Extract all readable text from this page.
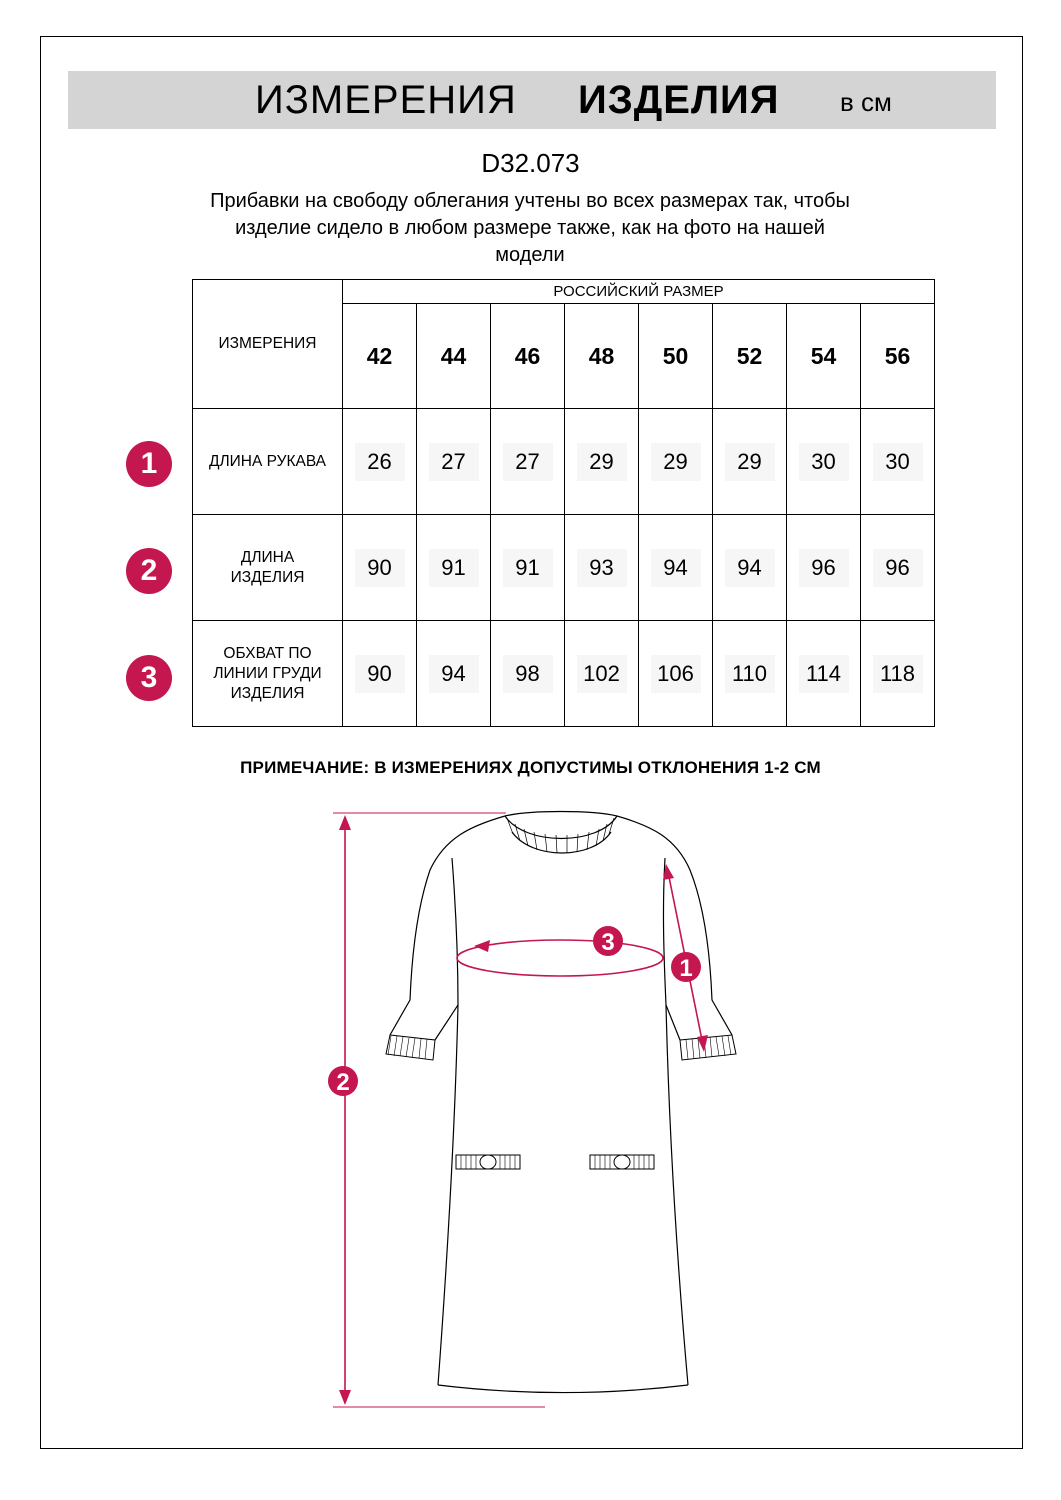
ИЗМЕРЕНИЯ ИЗДЕЛИЯ в см
D32.073
Прибавки на свободу облегания учтены во всех размерах так, чтобы
изделие сидело в любом размере также, как на фото на нашей
модели
ИЗМЕРЕНИЯ	РОССИЙСКИЙ РАЗМЕР							
	42	44	46	48	50	52	54	56

ДЛИНА РУКАВА	26	27	27	29	29	29	30	30

ДЛИНА
ИЗДЕЛИЯ	90	91	91	93	94	94	96	96

ОБХВАТ ПО
ЛИНИИ ГРУДИ
ИЗДЕЛИЯ	90	94	98	102	106	110	114	118
1
2
3
ПРИМЕЧАНИЕ: В ИЗМЕРЕНИЯХ ДОПУСТИМЫ ОТКЛОНЕНИЯ 1-2 СМ
2
3
1
